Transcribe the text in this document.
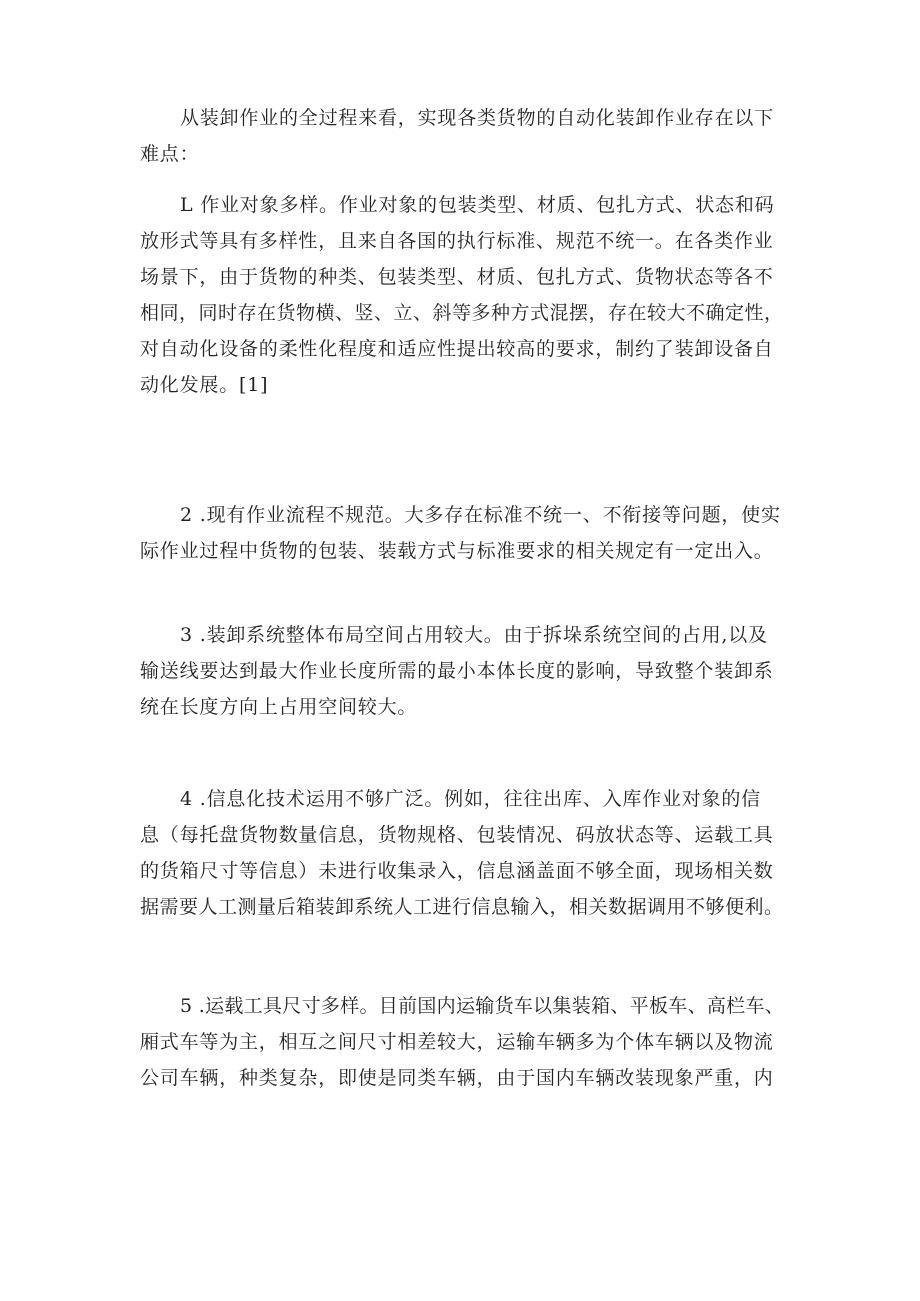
从装卸作业的全过程来看，实现各类货物的自动化装卸作业存在以下
难点：
L 作业对象多样。作业对象的包装类型、材质、包扎方式、状态和码
放形式等具有多样性，且来自各国的执行标准、规范不统一。在各类作业
场景下，由于货物的种类、包装类型、材质、包扎方式、货物状态等各不
相同，同时存在货物横、竖、立、斜等多种方式混摆，存在较大不确定性，
对自动化设备的柔性化程度和适应性提出较高的要求，制约了装卸设备自
动化发展。[1]
2 .现有作业流程不规范。大多存在标准不统一、不衔接等问题，使实
际作业过程中货物的包装、装载方式与标准要求的相关规定有一定出入。
3 .装卸系统整体布局空间占用较大。由于拆垛系统空间的占用,以及
输送线要达到最大作业长度所需的最小本体长度的影响，导致整个装卸系
统在长度方向上占用空间较大。
4 .信息化技术运用不够广泛。例如，往往出库、入库作业对象的信
息（每托盘货物数量信息，货物规格、包装情况、码放状态等、运载工具
的货箱尺寸等信息）未进行收集录入，信息涵盖面不够全面，现场相关数
据需要人工测量后箱装卸系统人工进行信息输入，相关数据调用不够便利。
5 .运载工具尺寸多样。目前国内运输货车以集装箱、平板车、高栏车、
厢式车等为主，相互之间尺寸相差较大，运输车辆多为个体车辆以及物流
公司车辆，种类复杂，即使是同类车辆，由于国内车辆改装现象严重，内
